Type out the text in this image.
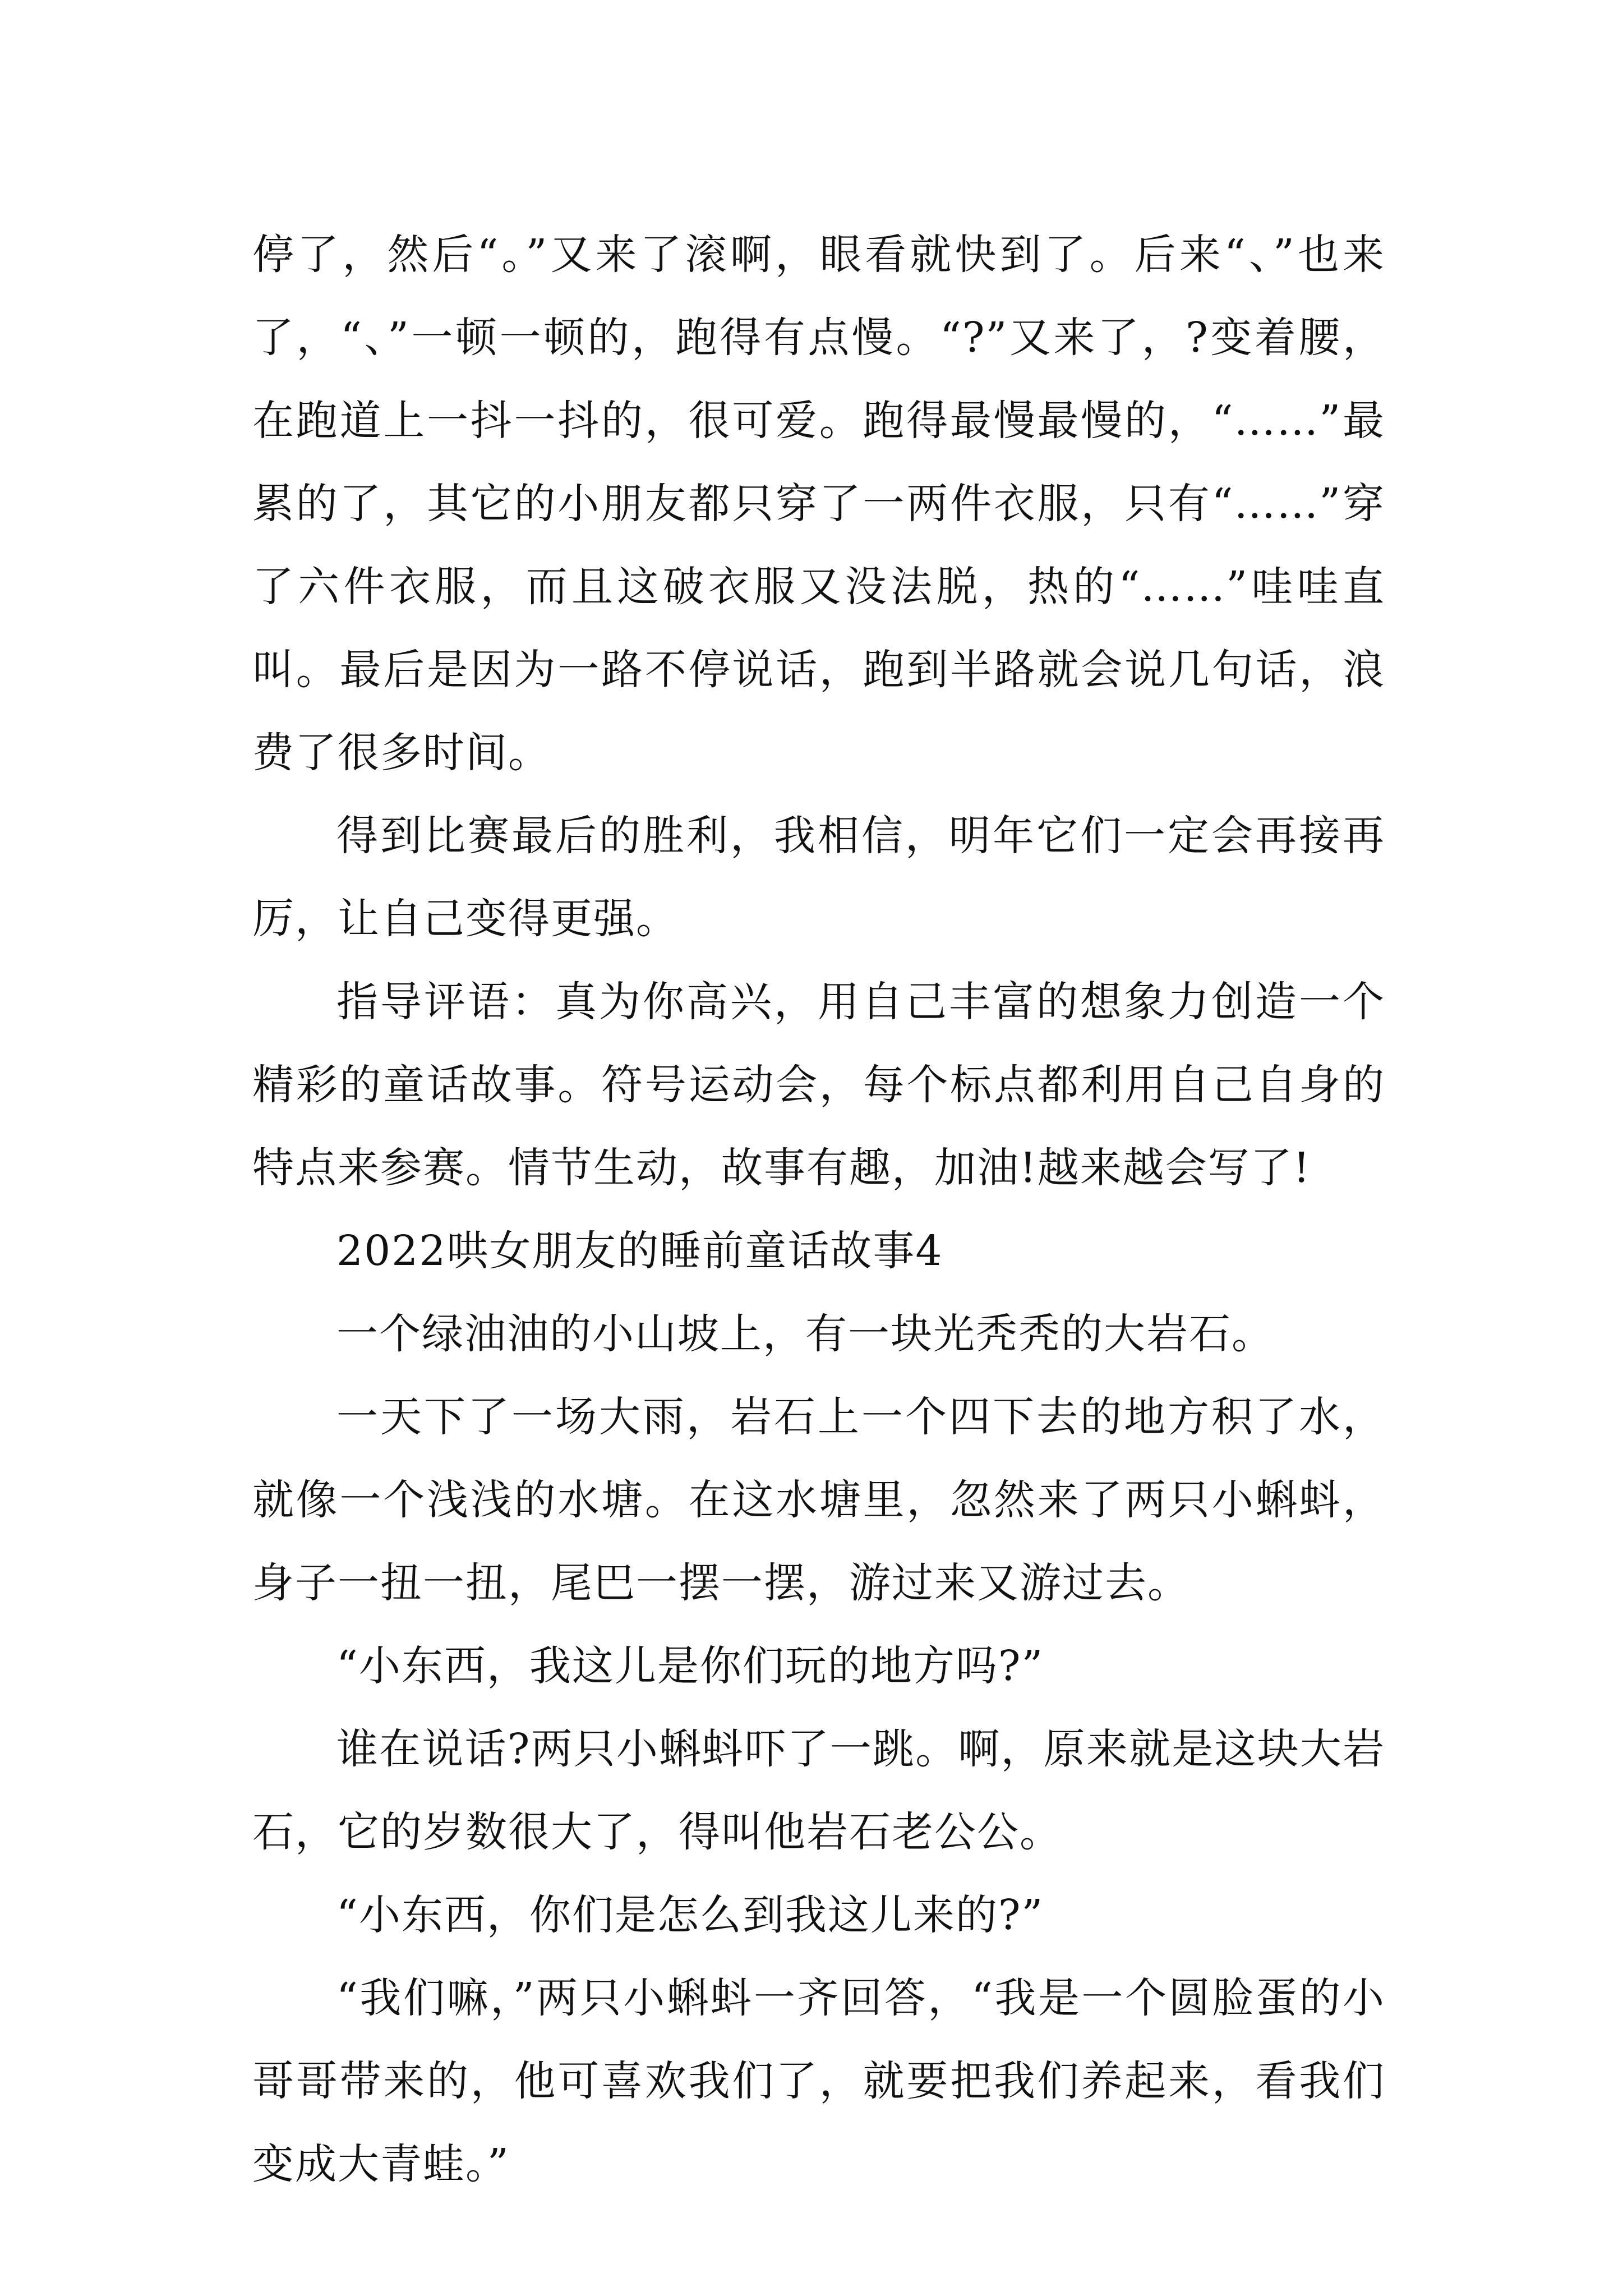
停了，然后“。”又来了滚啊，眼看就快到了。后来“、”也来了，“、”一顿一顿的，跑得有点慢。“?”又来了，?变着腰，在跑道上一抖一抖的，很可爱。跑得最慢最慢的，“……”最累的了，其它的小朋友都只穿了一两件衣服，只有“……”穿了六件衣服，而且这破衣服又没法脱，热的“……”哇哇直叫。最后是因为一路不停说话，跑到半路就会说几句话，浪费了很多时间。

得到比赛最后的胜利，我相信，明年它们一定会再接再厉，让自己变得更强。

指导评语：真为你高兴，用自己丰富的想象力创造一个精彩的童话故事。符号运动会，每个标点都利用自己自身的特点来参赛。情节生动，故事有趣，加油!越来越会写了!

2022哄女朋友的睡前童话故事4

一个绿油油的小山坡上，有一块光秃秃的大岩石。

一天下了一场大雨，岩石上一个四下去的地方积了水，就像一个浅浅的水塘。在这水塘里，忽然来了两只小蝌蚪，身子一扭一扭，尾巴一摆一摆，游过来又游过去。

“小东西，我这儿是你们玩的地方吗?”

谁在说话?两只小蝌蚪吓了一跳。啊，原来就是这块大岩石，它的岁数很大了，得叫他岩石老公公。

“小东西，你们是怎么到我这儿来的?”

“我们嘛，”两只小蝌蚪一齐回答，“我是一个圆脸蛋的小哥哥带来的，他可喜欢我们了，就要把我们养起来，看我们变成大青蛙。”
